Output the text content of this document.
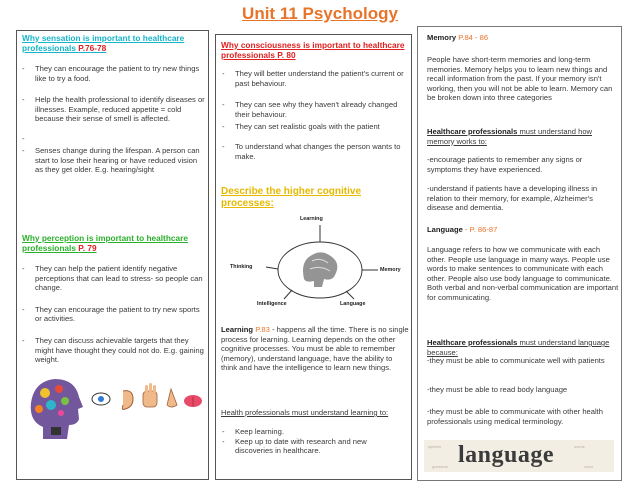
Unit 11 Psychology
Why sensation is important to healthcare professionals P.76-78
- They can encourage the patient to try new things like to try a food.
- Help the health professional to identify diseases or illnesses. Example, reduced appetite = cold because their sense of smell is affected.
-
- Senses change during the lifespan. A person can start to lose their hearing or have reduced vision as they get older. E.g. hearing/sight
Why perception is important to healthcare professionals P. 79
- They can help the patient identify negative perceptions that can lead to stress- so people can change.
- They can encourage the patient to try new sports or activities.
- They can discuss achievable targets that they might have thought they could not do. E.g. gaining weight.
Why consciousness is important to healthcare professionals P. 80
- They will better understand the patient's current or past behaviour.
- They can see why they haven't already changed their behaviour.
- They can set realistic goals with the patient
- To understand what changes the person wants to make.
Describe the higher cognitive processes:
Learning
Memory
Thinking
Intelligence	Language
Learning P.83 - happens all the time. There is no single process for learning. Learning depends on the other cognitive processes. You must be able to remember (memory), understand language, have the ability to think and have the intelligence to learn new things.
Health professionals must understand learning to:
- Keep learning.
- Keep up to date with research and new discoveries in healthcare.
Memory P.84 - 86
People have short-term memories and long-term memories. Memory helps you to learn new things and recall information from the past. If your memory isn't working, then you will not be able to learn. Memory can be broken down into three categories
Healthcare professionals must understand how memory works to:
-encourage patients to remember any signs or symptoms they have experienced.
-understand if patients have a developing illness in relation to their memory, for example, Alzheimer's disease and dementia.
Language - P. 86-87
Language refers to how we communicate with each other. People use language in many ways. People use words to make sentences to communicate with each other. People also use body language to communicate. Both verbal and non-verbal communication are important for communicating.
Healthcare professionals must understand language because:
-they must be able to communicate well with patients
-they must be able to read body language
-they must be able to communicate with other health professionals using medical terminology.
speech	words
grammar	voice
language
